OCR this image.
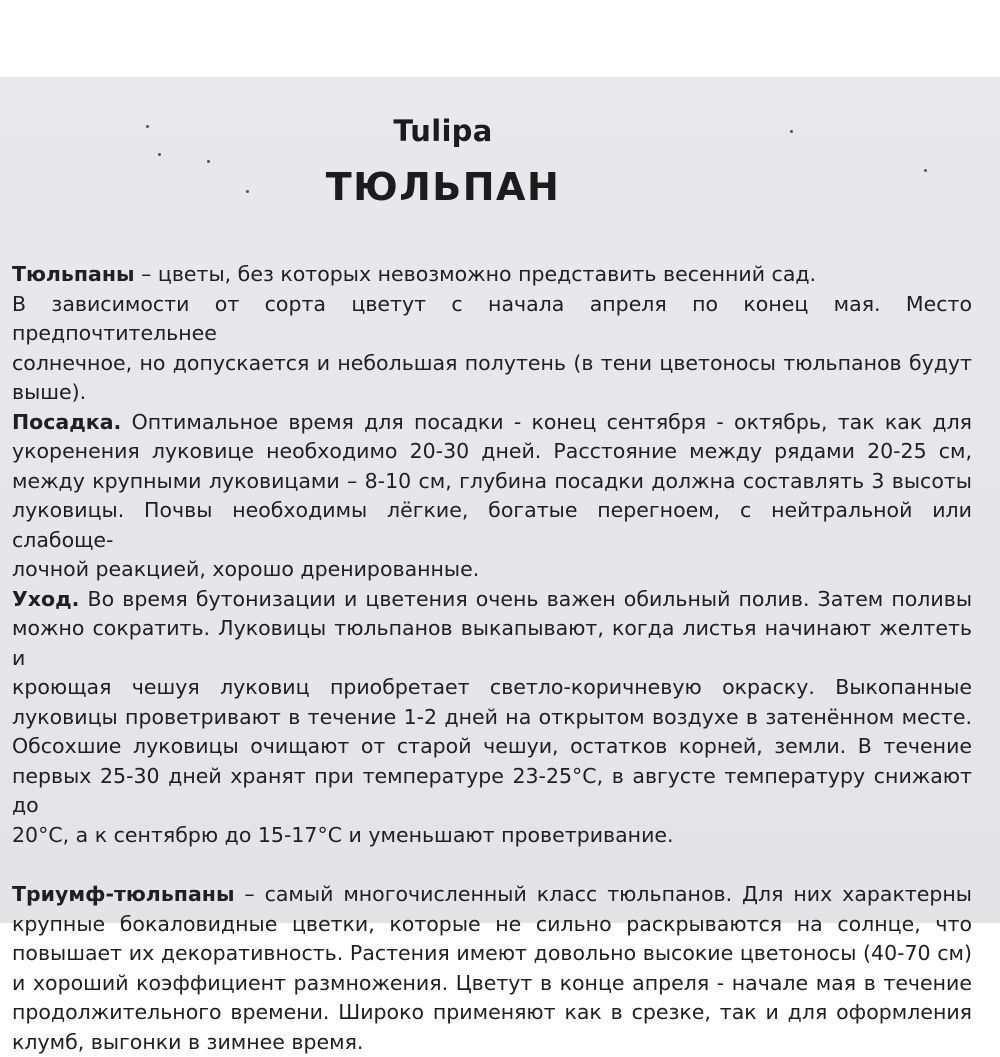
Tulipa
ТЮЛЬПАН

Тюльпаны – цветы, без которых невозможно представить весенний сад.
В зависимости от сорта цветут с начала апреля по конец мая. Место предпочтительнее
солнечное, но допускается и небольшая полутень (в тени цветоносы тюльпанов будут
выше).

Посадка. Оптимальное время для посадки - конец сентября - октябрь, так как для
укоренения луковице необходимо 20-30 дней. Расстояние между рядами 20-25 см,
между крупными луковицами – 8-10 см, глубина посадки должна составлять 3 высоты
луковицы. Почвы необходимы лёгкие, богатые перегноем, с нейтральной или слабоще-
лочной реакцией, хорошо дренированные.

Уход. Во время бутонизации и цветения очень важен обильный полив. Затем поливы
можно сократить. Луковицы тюльпанов выкапывают, когда листья начинают желтеть и
кроющая чешуя луковиц приобретает светло-коричневую окраску. Выкопанные
луковицы проветривают в течение 1-2 дней на открытом воздухе в затенённом месте.
Обсохшие луковицы очищают от старой чешуи, остатков корней, земли. В течение
первых 25-30 дней хранят при температуре 23-25°С, в августе температуру снижают до
20°С, а к сентябрю до 15-17°С и уменьшают проветривание.

Триумф-тюльпаны – самый многочисленный класс тюльпанов. Для них характерны
крупные бокаловидные цветки, которые не сильно раскрываются на солнце, что
повышает их декоративность. Растения имеют довольно высокие цветоносы (40-70 см)
и хороший коэффициент размножения. Цветут в конце апреля - начале мая в течение
продолжительного времени. Широко применяют как в срезке, так и для оформления
клумб, выгонки в зимнее время.
